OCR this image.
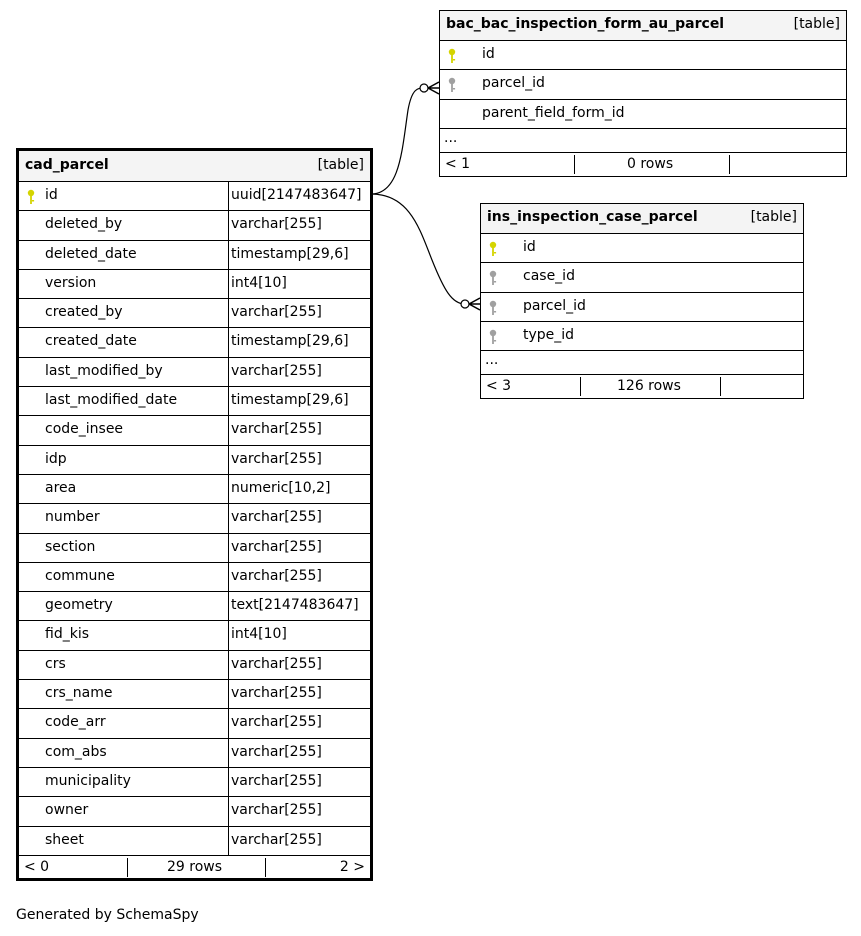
cad_parcel	[table]
id	uuid[2147483647]
deleted_by	varchar[255]
deleted_date	timestamp[29,6]
version	int4[10]
created_by	varchar[255]
created_date	timestamp[29,6]
last_modified_by	varchar[255]
last_modified_date	timestamp[29,6]
code_insee	varchar[255]
idp	varchar[255]
area	numeric[10,2]
number	varchar[255]
section	varchar[255]
commune	varchar[255]
geometry	text[2147483647]
fid_kis	int4[10]
crs	varchar[255]
crs_name	varchar[255]
code_arr	varchar[255]
com_abs	varchar[255]
municipality	varchar[255]
owner	varchar[255]
sheet	varchar[255]
< 0	29 rows	2 >
bac_bac_inspection_form_au_parcel	[table]
id
parcel_id
parent_field_form_id
...
< 1	0 rows
ins_inspection_case_parcel	[table]
id
case_id
parcel_id
type_id
...
< 3	126 rows
Generated by SchemaSpy
